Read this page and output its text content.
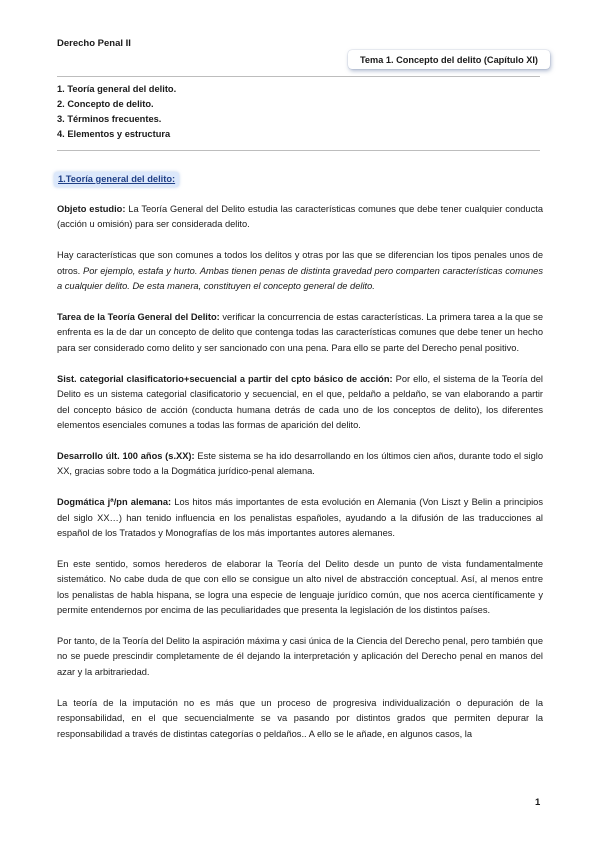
Derecho Penal II
Tema 1. Concepto del delito (Capítulo XI)
1. Teoría general del delito.
2. Concepto de delito.
3. Términos frecuentes.
4. Elementos y estructura
1.Teoría general del delito:

Objeto estudio: La Teoría General del Delito estudia las características comunes que debe tener cualquier conducta (acción u omisión) para ser considerada delito.

Hay características que son comunes a todos los delitos y otras por las que se diferencian los tipos penales unos de otros. Por ejemplo, estafa y hurto. Ambas tienen penas de distinta gravedad pero comparten características comunes a cualquier delito. De esta manera, constituyen el concepto general de delito.

Tarea de la Teoría General del Delito: verificar la concurrencia de estas características. La primera tarea a la que se enfrenta es la de dar un concepto de delito que contenga todas las características comunes que debe tener un hecho para ser considerado como delito y ser sancionado con una pena. Para ello se parte del Derecho penal positivo.

Sist. categorial clasificatorio+secuencial a partir del cpto básico de acción: Por ello, el sistema de la Teoría del Delito es un sistema categorial clasificatorio y secuencial, en el que, peldaño a peldaño, se van elaborando a partir del concepto básico de acción (conducta humana detrás de cada uno de los conceptos de delito), los diferentes elementos esenciales comunes a todas las formas de aparición del delito.

Desarrollo últ. 100 años (s.XX): Este sistema se ha ido desarrollando en los últimos cien años, durante todo el siglo XX, gracias sobre todo a la Dogmática jurídico-penal alemana.

Dogmática jª/pn alemana: Los hitos más importantes de esta evolución en Alemania (Von Liszt y Belin a principios del siglo XX…) han tenido influencia en los penalistas españoles, ayudando a la difusión de las traducciones al español de los Tratados y Monografías de los más importantes autores alemanes.

En este sentido, somos herederos de elaborar la Teoría del Delito desde un punto de vista fundamentalmente sistemático. No cabe duda de que con ello se consigue un alto nivel de abstracción conceptual. Así, al menos entre los penalistas de habla hispana, se logra una especie de lenguaje jurídico común, que nos acerca científicamente y permite entendernos por encima de las peculiaridades que presenta la legislación de los distintos países.

Por tanto, de la Teoría del Delito la aspiración máxima y casi única de la Ciencia del Derecho penal, pero también que no se puede prescindir completamente de él dejando la interpretación y aplicación del Derecho penal en manos del azar y la arbitrariedad.

La teoría de la imputación no es más que un proceso de progresiva individualización o depuración de la responsabilidad, en el que secuencialmente se va pasando por distintos grados que permiten depurar la responsabilidad a través de distintas categorías o peldaños.. A ello se le añade, en algunos casos, la

1
